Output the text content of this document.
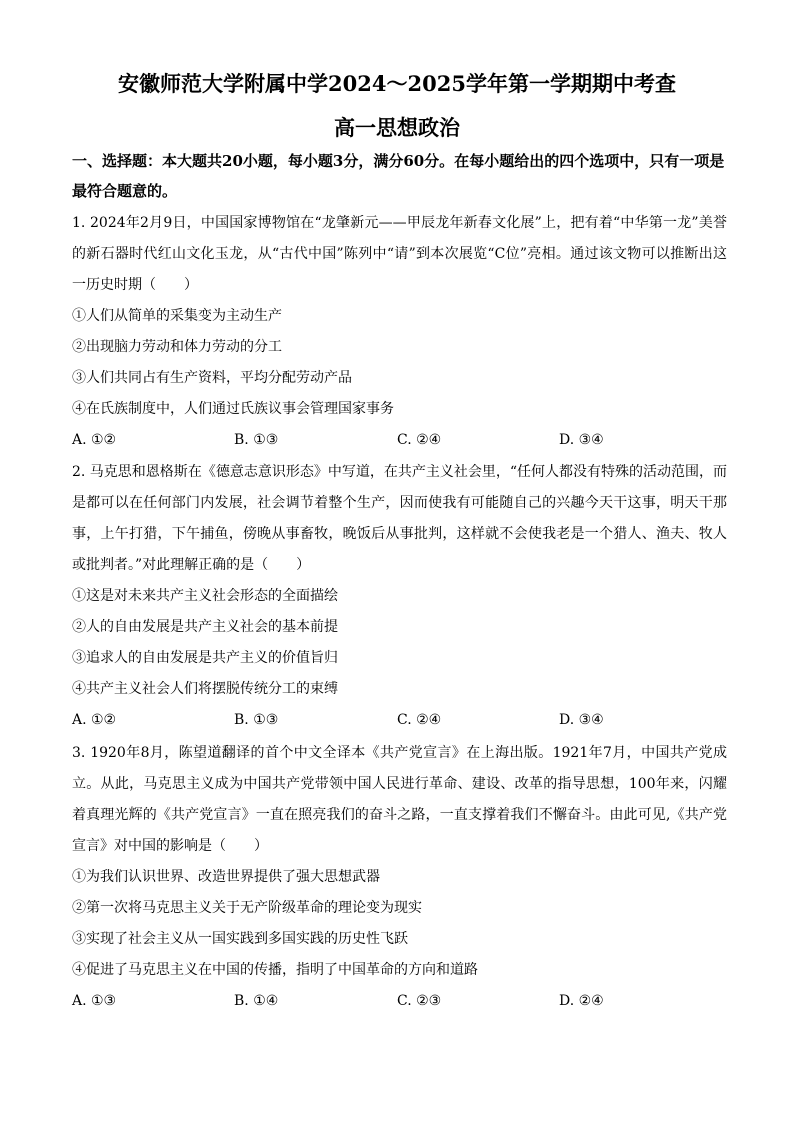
安徽师范大学附属中学2024～2025学年第一学期期中考查
高一思想政治
一、选择题：本大题共20小题，每小题3分，满分60分。在每小题给出的四个选项中，只有一项是最符合题意的。

1. 2024年2月9日，中国国家博物馆在“龙肇新元——甲辰龙年新春文化展”上，把有着“中华第一龙”美誉的新石器时代红山文化玉龙，从“古代中国”陈列中“请”到本次展览“C位”亮相。通过该文物可以推断出这一历史时期（　　）

①人们从简单的采集变为主动生产

②出现脑力劳动和体力劳动的分工

③人们共同占有生产资料，平均分配劳动产品

④在氏族制度中，人们通过氏族议事会管理国家事务

A. ①②	B. ①③	C. ②④	D. ③④

2. 马克思和恩格斯在《德意志意识形态》中写道，在共产主义社会里，“任何人都没有特殊的活动范围，而是都可以在任何部门内发展，社会调节着整个生产，因而使我有可能随自己的兴趣今天干这事，明天干那事，上午打猎，下午捕鱼，傍晚从事畜牧，晚饭后从事批判，这样就不会使我老是一个猎人、渔夫、牧人或批判者。”对此理解正确的是（　　）

①这是对未来共产主义社会形态的全面描绘

②人的自由发展是共产主义社会的基本前提

③追求人的自由发展是共产主义的价值旨归

④共产主义社会人们将摆脱传统分工的束缚

A. ①②	B. ①③	C. ②④	D. ③④

3. 1920年8月，陈望道翻译的首个中文全译本《共产党宣言》在上海出版。1921年7月，中国共产党成立。从此，马克思主义成为中国共产党带领中国人民进行革命、建设、改革的指导思想，100年来，闪耀着真理光辉的《共产党宣言》一直在照亮我们的奋斗之路，一直支撑着我们不懈奋斗。由此可见,《共产党宣言》对中国的影响是（　　）

①为我们认识世界、改造世界提供了强大思想武器

②第一次将马克思主义关于无产阶级革命的理论变为现实

③实现了社会主义从一国实践到多国实践的历史性飞跃

④促进了马克思主义在中国的传播，指明了中国革命的方向和道路

A. ①③	B. ①④	C. ②③	D. ②④
